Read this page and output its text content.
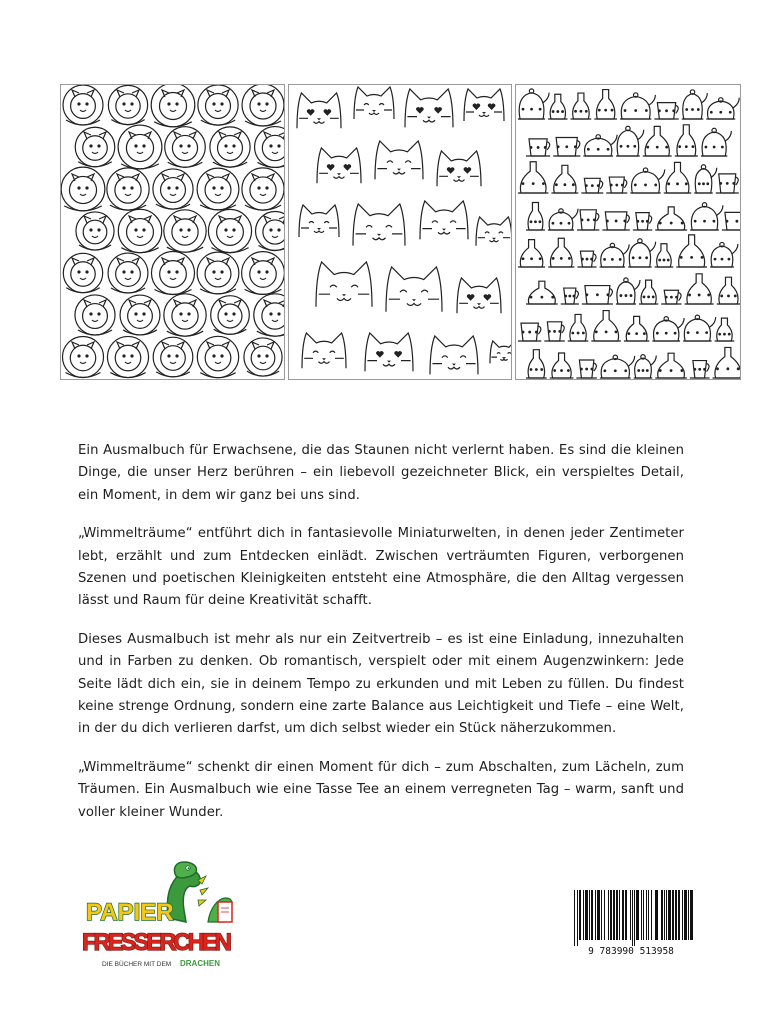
Ein Ausmalbuch für Erwachsene, die das Staunen nicht verlernt haben. Es sind die kleinen Dinge, die unser Herz berühren – ein liebevoll gezeichneter Blick, ein verspieltes Detail, ein Moment, in dem wir ganz bei uns sind.

„Wimmelträume“ entführt dich in fantasievolle Miniaturwelten, in denen jeder Zentimeter lebt, erzählt und zum Entdecken einlädt. Zwischen verträumten Figuren, verborgenen Szenen und poetischen Kleinigkeiten entsteht eine Atmosphäre, die den Alltag vergessen lässt und Raum für deine Kreativität schafft.

Dieses Ausmalbuch ist mehr als nur ein Zeitvertreib – es ist eine Einladung, innezuhalten und in Farben zu denken. Ob romantisch, verspielt oder mit einem Augenzwinkern: Jede Seite lädt dich ein, sie in deinem Tempo zu erkunden und mit Leben zu füllen. Du findest keine strenge Ordnung, sondern eine zarte Balance aus Leichtigkeit und Tiefe – eine Welt, in der du dich verlieren darfst, um dich selbst wieder ein Stück näherzukommen.

„Wimmelträume“ schenkt dir einen Moment für dich – zum Abschalten, zum Lächeln, zum Träumen. Ein Ausmalbuch wie eine Tasse Tee an einem verregneten Tag – warm, sanft und voller kleiner Wunder.

PAPIER
FRESSERCHEN
DIE BÜCHER MIT DEM DRACHEN
9 783990 513958
